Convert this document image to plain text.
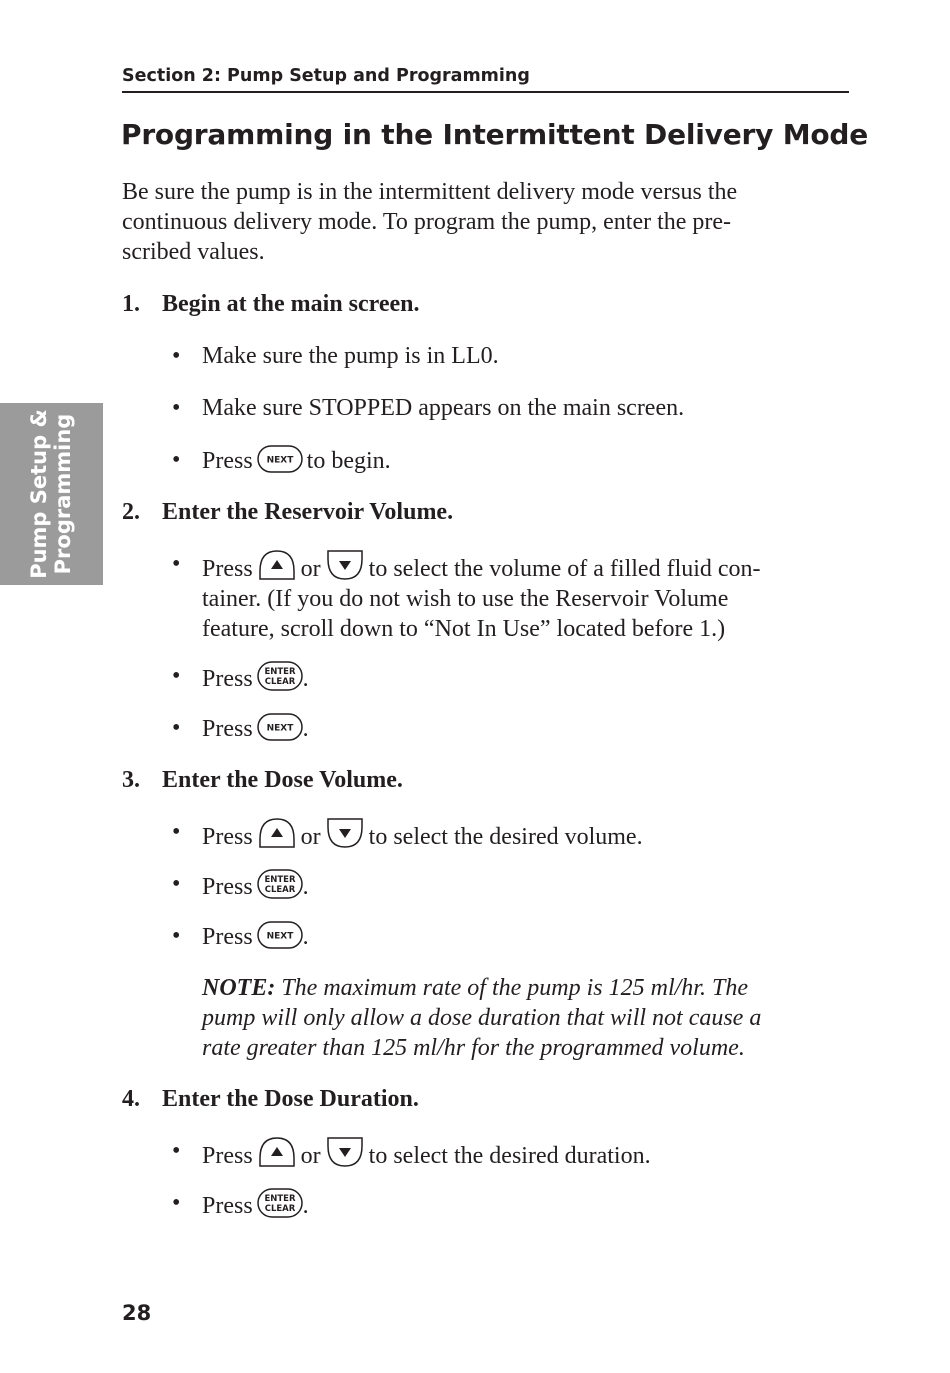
Section 2: Pump Setup and Programming
Programming in the Intermittent Delivery Mode
Pump Setup & Programming

Be sure the pump is in the intermittent delivery mode versus the
continuous delivery mode. To program the pump, enter the pre-
scribed values.

1. Begin at the main screen.
• Make sure the pump is in LL0.
• Make sure STOPPED appears on the main screen.
• Press NEXT to begin.
2. Enter the Reservoir Volume.
• Press or to select the volume of a filled fluid con-
tainer. (If you do not wish to use the Reservoir Volume
feature, scroll down to “Not In Use” located before 1.)
• Press ENTER
CLEAR .
• Press NEXT .
3. Enter the Dose Volume.
• Press or to select the desired volume.
• Press ENTER
CLEAR .
• Press NEXT .
NOTE: The maximum rate of the pump is 125 ml/hr. The
pump will only allow a dose duration that will not cause a
rate greater than 125 ml/hr for the programmed volume.
4. Enter the Dose Duration.
• Press or to select the desired duration.
• Press ENTER
CLEAR .
28
